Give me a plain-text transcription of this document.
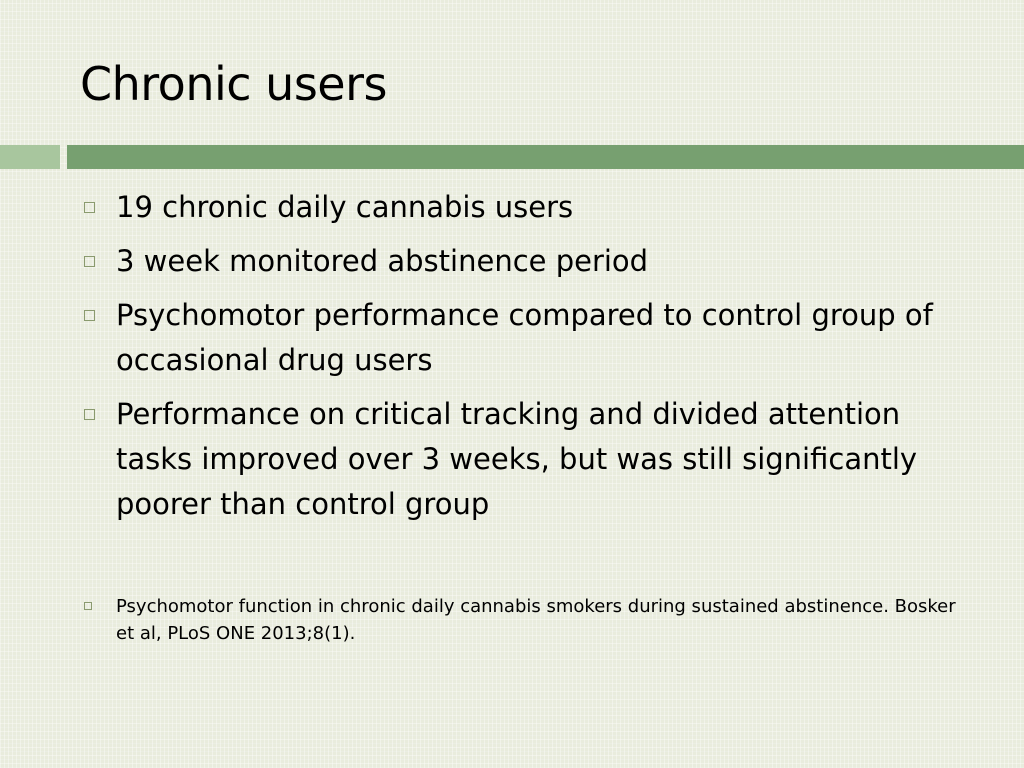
Chronic users
19 chronic daily cannabis users
3 week monitored abstinence period
Psychomotor performance compared to control group of occasional drug users
Performance on critical tracking and divided attention tasks improved over 3 weeks, but was still significantly poorer than control group

Psychomotor function in chronic daily cannabis smokers during sustained abstinence. Bosker et al, PLoS ONE 2013;8(1).
